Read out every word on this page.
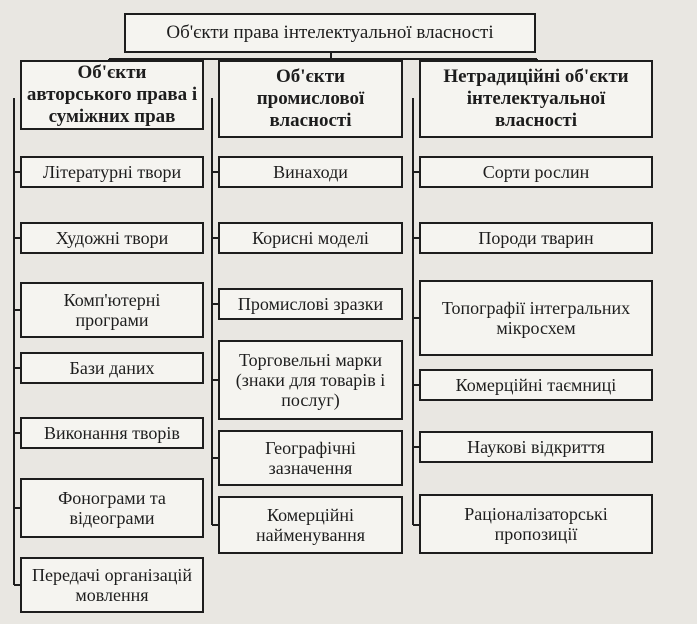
Об'єкти права інтелектуальної власності
Об'єкти авторського права і суміжних прав
Об'єкти промислової власності
Нетрадиційні об'єкти інтелектуальної власності
Літературні твори
Художні твори
Комп'ютерні програми
Бази даних
Виконання творів
Фонограми та відеограми
Передачі організацій мовлення
Винаходи
Корисні моделі
Промислові зразки
Торговельні марки (знаки для товарів і послуг)
Географічні зазначення
Комерційні найменування
Сорти рослин
Породи тварин
Топографії інтегральних мікросхем
Комерційні таємниці
Наукові відкриття
Раціоналізаторські пропозиції
